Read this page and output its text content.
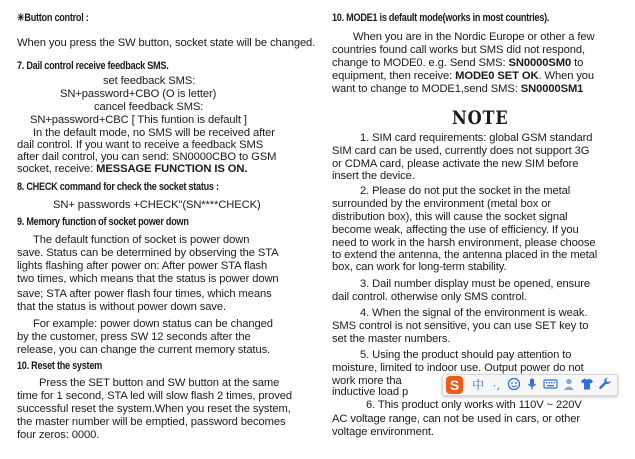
✳Button control :
When you press the SW button, socket state will be changed.
7. Dail control receive feedback SMS.
set feedback SMS:
SN+password+CBO (O is letter)
cancel feedback SMS:
SN+password+CBC [ This funtion is default ]
In the default mode, no SMS will be received after
dail control. If you want to receive a feedback SMS
after dail control, you can send: SN0000CBO to GSM
socket, receive: MESSAGE FUNCTION IS ON.
8. CHECK command for check the socket status :
SN+ passwords +CHECK"(SN****CHECK)
9. Memory function of socket power down
The default function of socket is power down
save. Status can be determined by observing the STA
lights flashing after power on: After power STA flash
two times, which means that the status is power down
save; STA after power flash four times, which means
that the status is without power down save.
For example: power down status can be changed
by the customer, press SW 12 seconds after the
release, you can change the current memory status.
10. Reset the system
Press the SET button and SW button at the same
time for 1 second, STA led will slow flash 2 times, proved
successful reset the system.When you reset the system,
the master number will be emptied, password becomes
four zeros: 0000.
10. MODE1 is default mode(works in most countries).
When you are in the Nordic Europe or other a few
countries found call works but SMS did not respond,
change to MODE0. e.g. Send SMS: SN0000SM0 to
equipment, then receive: MODE0 SET OK. When you
want to change to MODE1,send SMS: SN0000SM1
NOTE
1. SIM card requirements: global GSM standard
SIM card can be used, currently does not support 3G
or CDMA card, please activate the new SIM before
insert the device.
2. Please do not put the socket in the metal
surrounded by the environment (metal box or
distribution box), this will cause the socket signal
become weak, affecting the use of efficiency. If you
need to work in the harsh environment, please choose
to extend the antenna, the antenna placed in the metal
box, can work for long-term stability.
3. Dail number display must be opened, ensure
dail control. otherwise only SMS control.
4. When the signal of the environment is weak.
SMS control is not sensitive, you can use SET key to
set the master numbers.
5. Using the product should pay attention to
moisture, limited to indoor use. Output power do not
work more tha
inductive load p
6. This product only works with 110V ~ 220V
AC voltage range, can not be used in cars, or other
voltage environment.
S	中 ·,
